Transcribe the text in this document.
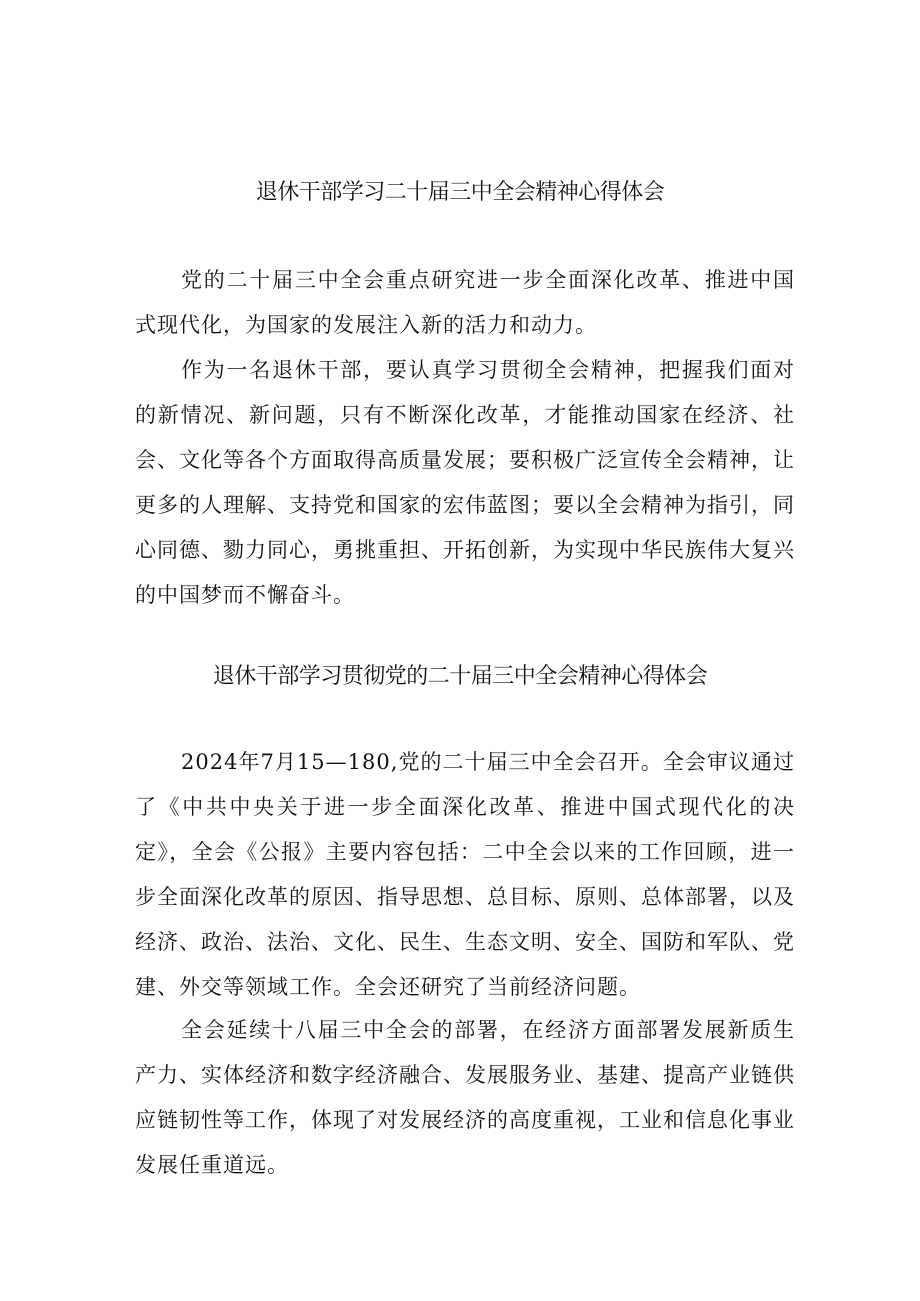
退休干部学习二十届三中全会精神心得体会

党的二十届三中全会重点研究进一步全面深化改革、推进中国式现代化，为国家的发展注入新的活力和动力。

作为一名退休干部，要认真学习贯彻全会精神，把握我们面对的新情况、新问题，只有不断深化改革，才能推动国家在经济、社会、文化等各个方面取得高质量发展；要积极广泛宣传全会精神，让更多的人理解、支持党和国家的宏伟蓝图；要以全会精神为指引，同心同德、勠力同心，勇挑重担、开拓创新，为实现中华民族伟大复兴的中国梦而不懈奋斗。

退休干部学习贯彻党的二十届三中全会精神心得体会

2024年7月15—180,党的二十届三中全会召开。全会审议通过了《中共中央关于进一步全面深化改革、推进中国式现代化的决定》，全会《公报》主要内容包括：二中全会以来的工作回顾，进一步全面深化改革的原因、指导思想、总目标、原则、总体部署，以及经济、政治、法治、文化、民生、生态文明、安全、国防和军队、党建、外交等领域工作。全会还研究了当前经济问题。

全会延续十八届三中全会的部署，在经济方面部署发展新质生产力、实体经济和数字经济融合、发展服务业、基建、提高产业链供应链韧性等工作，体现了对发展经济的高度重视，工业和信息化事业发展任重道远。
